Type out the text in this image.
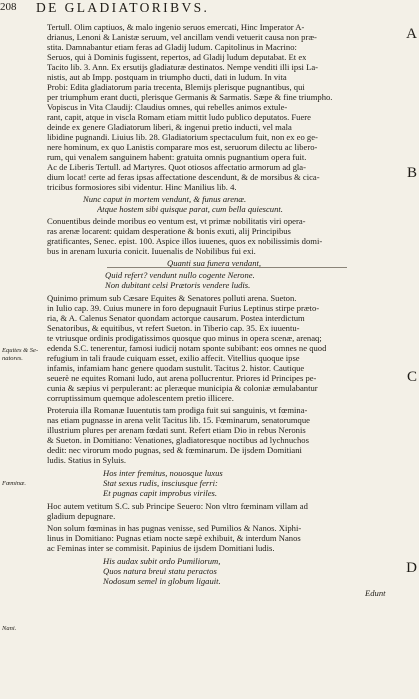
208 DE GLADIATORIBVS.
A
B
C
D
Equites & Se-natores.
Fœminæ.
Nani.
Tertull. Olim captiuos, & malo ingenio seruos emercati, Hinc Imperator A-
drianus, Lenoni & Lanistæ seruum, vel ancillam vendi vetuerit causa non præ-
stita. Damnabantur etiam feras ad Gladij ludum. Capitolinus in Macrino:
Seruos, qui à Dominis fugissent, repertos, ad Gladij ludum deputabat. Et ex
Tacito lib. 3. Ann. Ex ersutijs gladiaturæ destinatos. Nempe venditi illi ipsi La-
nistis, aut ab Impp. postquam in triumpho ducti, dati in ludum. In vita
Probi: Edita gladiatorum paria trecenta, Blemijs plerisque pugnantibus, qui
per triumphum erant ducti, plerisque Germanis & Sarmatis. Sæpe & fine triumpho.
Vopiscus in Vita Claudij: Claudius omnes, qui rebelles animos extule-
rant, capit, atque in viscla Romam etiam mittit ludo publico deputatos. Fuere
deinde ex genere Gladiatorum liberi, & ingenui pretio inducti, vel mala
libidine pugnandi. Liuius lib. 28. Gladiatorium spectaculum fuit, non ex eo ge-
nere hominum, ex quo Lanistis comparare mos est, seruorum dilectu ac libero-
rum, qui venalem sanguinem habent: gratuita omnis pugnantium opera fuit.
Ac de Liberis Tertull. ad Martyres. Quot otiosos affectatio armorum ad gla-
dium locat! certe ad feras ipsas affectatione descendunt, & de morsibus & cica-
tricibus formosiores sibi videntur. Hinc Manilius lib. 4.
Nunc caput in mortem vendunt, & funus arenæ.
Atque hostem sibi quisque parat, cum bella quiescunt.
Conuentibus deinde moribus eo ventum est, vt primæ nobilitatis viri opera-
ras arenæ locarent: quidam desperatione & bonis exuti, alij Principibus
gratificantes, Senec. epist. 100. Aspice illos iuuenes, quos ex nobilissimis domi-
bus in arenam luxuria conicit. Iuuenalis de Nobilibus fui exi.
Quanti sua funera vendant,
Quid refert? vendunt nullo cogente Nerone.
Non dubitant celsi Prætoris vendere ludis.
Quinimo primum sub Cæsare Equites & Senatores polluti arena. Sueton.
in Iulio cap. 39. Cuius munere in foro depugnauit Furius Leptinus stirpe præto-
ria, & A. Calenus Senator quondam actorque causarum. Postea interdictum
Senatoribus, & equitibus, vt refert Sueton. in Tiberio cap. 35. Ex iuuentu-
te vtriusque ordinis prodigatissimos quosque quo minus in opera scenæ, arenaq;
edenda S.C. tenerentur, famosi iudicij notam sponte subibant: eos omnes ne quod
refugium in tali fraude cuiquam esset, exilio affecit. Vitellius quoque ipse
infamis, infamiam hanc genere quodam sustulit. Tacitus 2. histor. Cautique
seuerè ne equites Romani ludo, aut arena pollucrentur. Priores id Principes pe-
cunia & sæpius vi perpulerant: ac pleræque municipia & coloniæ æmulabantur
corruptissimum quemque adolescentem pretio illicere.
Proteruia illa Romanæ Iuuentutis tam prodiga fuit sui sanguinis, vt fœmina-
nas etiam pugnasse in arena velit Tacitus lib. 15. Fœminarum, senatorumque
illustrium plures per arenam fœdati sunt. Refert etiam Dio in rebus Neronis
& Sueton. in Domitiano: Venationes, gladiatoresque noctibus ad lychnuchos
dedit: nec virorum modo pugnas, sed & fœminarum. De ijsdem Domitiani
ludis. Statius in Syluis.
Hos inter fremitus, nouosque luxus
Stat sexus rudis, insciusque ferri:
Et pugnas capit improbus viriles.
Hoc autem vetitum S.C. sub Principe Seuero: Non vltro fœminam villam ad
gladium depugnare.
Non solum fœminas in has pugnas venisse, sed Pumilios & Nanos. Xiphi-
linus in Domitiano: Pugnas etiam nocte sæpè exhibuit, & interdum Nanos
ac Feminas inter se commisit. Papinius de ijsdem Domitiani ludis.
His audax subit ordo Pumiliorum,
Quos natura breui statu peractos
Nodosum semel in globum ligauit.
Edunt
